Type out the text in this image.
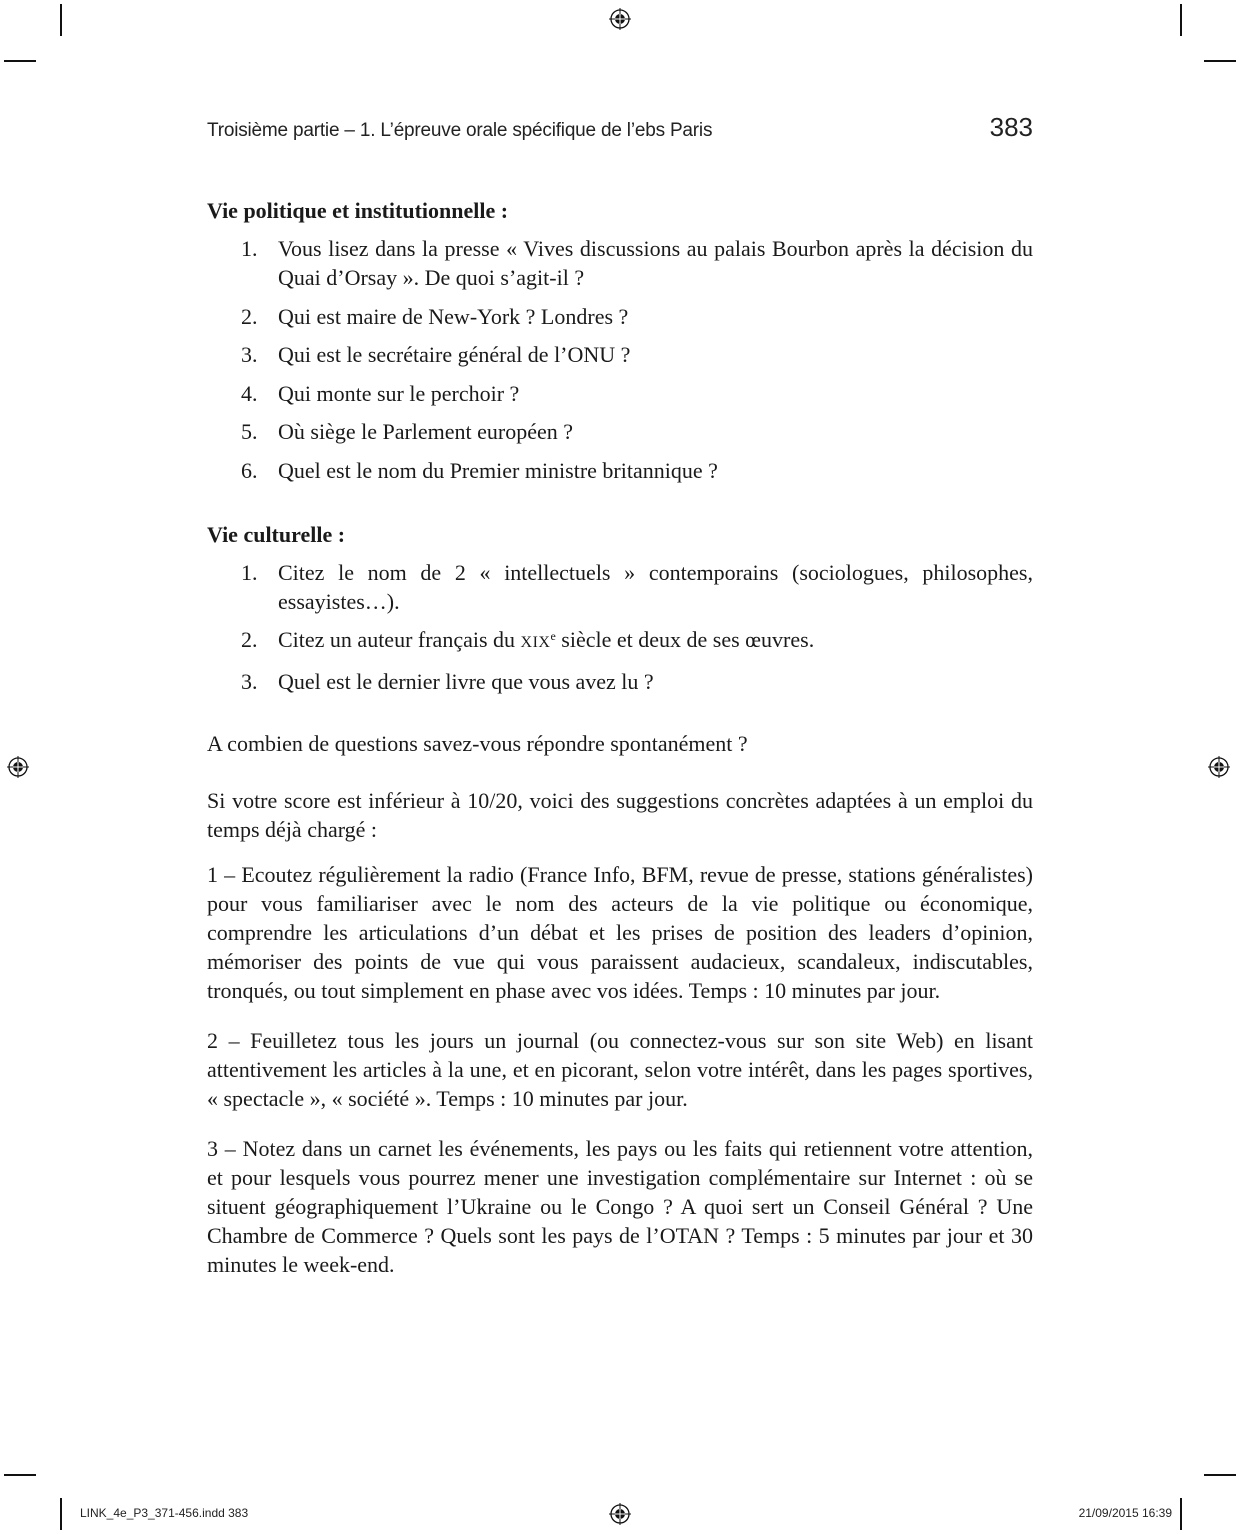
Troisième partie – 1. L’épreuve orale spécifique de l’ebs Paris	383
Vie politique et institutionnelle :
1. Vous lisez dans la presse « Vives discussions au palais Bourbon après la décision du Quai d’Orsay ». De quoi s’agit-il ?
2. Qui est maire de New-York ? Londres ?
3. Qui est le secrétaire général de l’ONU ?
4. Qui monte sur le perchoir ?
5. Où siège le Parlement européen ?
6. Quel est le nom du Premier ministre britannique ?
Vie culturelle :
1. Citez le nom de 2 « intellectuels » contemporains (sociologues, philosophes, essayistes…).
2. Citez un auteur français du XIXe siècle et deux de ses œuvres.
3. Quel est le dernier livre que vous avez lu ?

A combien de questions savez-vous répondre spontanément ?

Si votre score est inférieur à 10/20, voici des suggestions concrètes adaptées à un emploi du temps déjà chargé :

1 – Ecoutez régulièrement la radio (France Info, BFM, revue de presse, stations généralistes) pour vous familiariser avec le nom des acteurs de la vie politique ou économique, comprendre les articulations d’un débat et les prises de position des leaders d’opinion, mémoriser des points de vue qui vous paraissent audacieux, scandaleux, indiscutables, tronqués, ou tout simplement en phase avec vos idées. Temps : 10 minutes par jour.

2 – Feuilletez tous les jours un journal (ou connectez-vous sur son site Web) en lisant attentivement les articles à la une, et en picorant, selon votre intérêt, dans les pages sportives, « spectacle », « société ». Temps : 10 minutes par jour.

3 – Notez dans un carnet les événements, les pays ou les faits qui retiennent votre attention, et pour lesquels vous pourrez mener une investigation complémentaire sur Internet : où se situent géographiquement l’Ukraine ou le Congo ? A quoi sert un Conseil Général ? Une Chambre de Commerce ? Quels sont les pays de l’OTAN ? Temps : 5 minutes par jour et 30 minutes le week-end.

LINK_4e_P3_371-456.indd 383	21/09/2015 16:39
